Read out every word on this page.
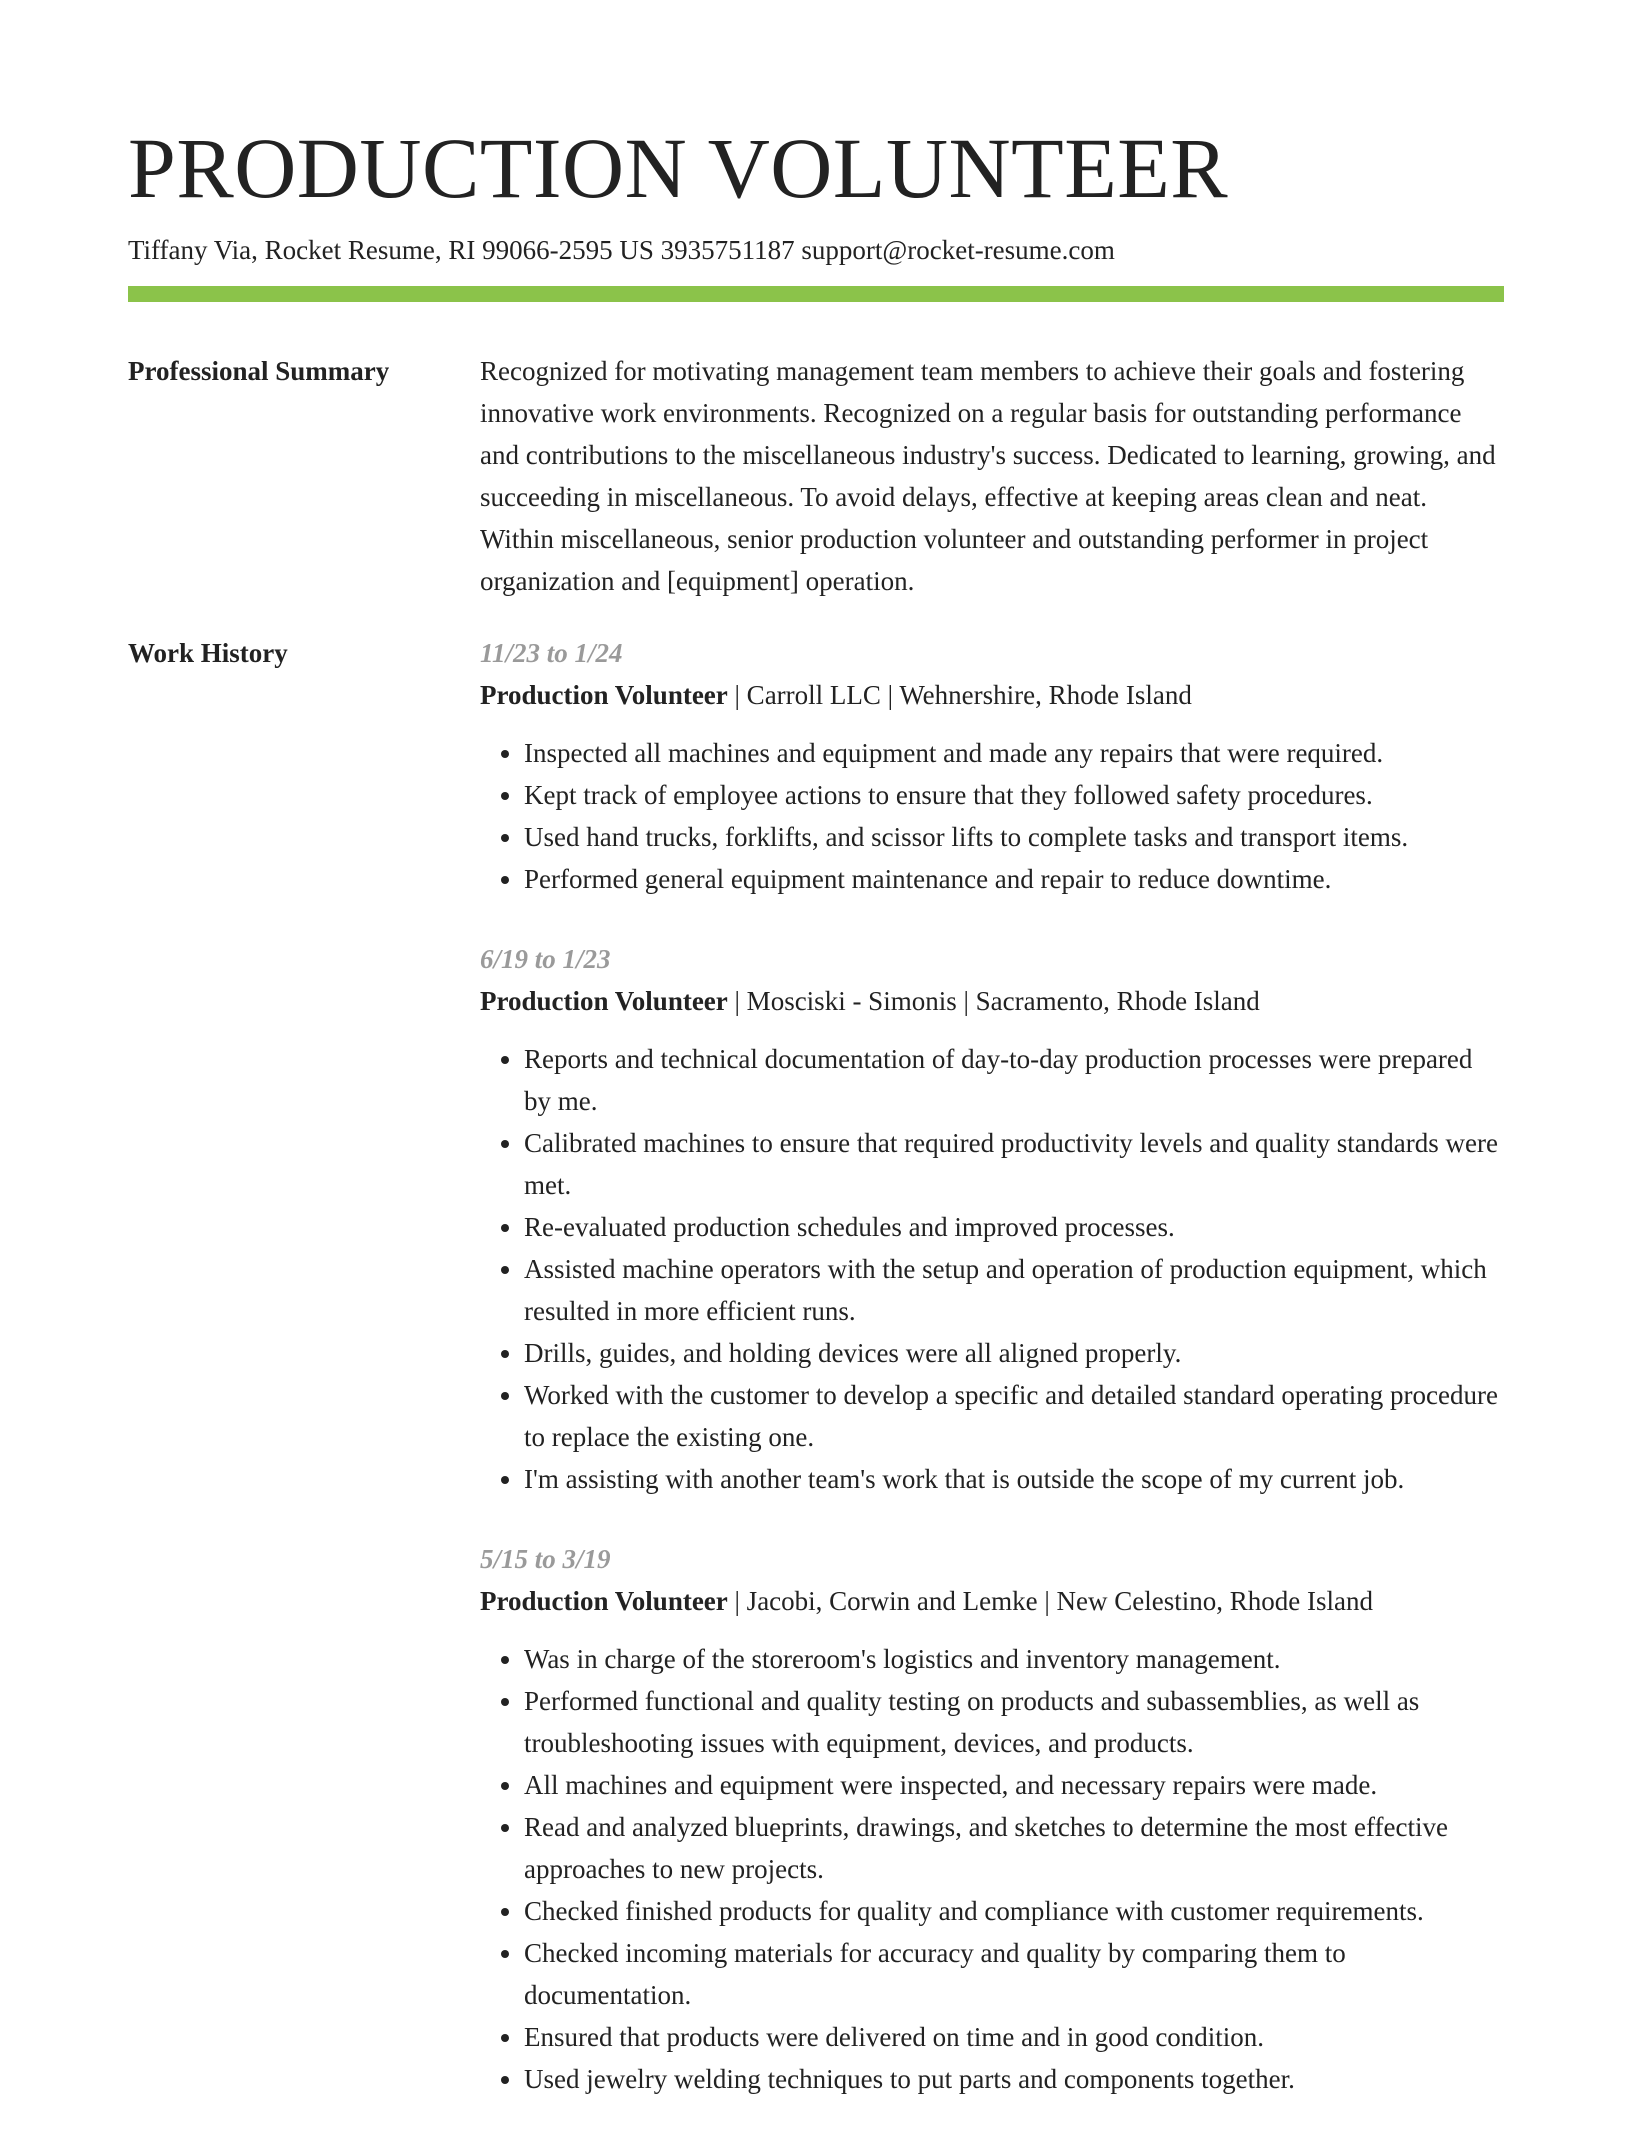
PRODUCTION VOLUNTEER
Tiffany Via, Rocket Resume, RI 99066-2595 US 3935751187 support@rocket-resume.com
Professional Summary	Recognized for motivating management team members to achieve their goals and fostering innovative work environments. Recognized on a regular basis for outstanding performance and contributions to the miscellaneous industry's success. Dedicated to learning, growing, and succeeding in miscellaneous. To avoid delays, effective at keeping areas clean and neat. Within miscellaneous, senior production volunteer and outstanding performer in project organization and [equipment] operation.

Work History	11/23 to 1/24
Production Volunteer | Carroll LLC | Wehnershire, Rhode Island
• Inspected all machines and equipment and made any repairs that were required.
• Kept track of employee actions to ensure that they followed safety procedures.
• Used hand trucks, forklifts, and scissor lifts to complete tasks and transport items.
• Performed general equipment maintenance and repair to reduce downtime.
6/19 to 1/23
Production Volunteer | Mosciski - Simonis | Sacramento, Rhode Island
• Reports and technical documentation of day-to-day production processes were prepared by me.
• Calibrated machines to ensure that required productivity levels and quality standards were met.
• Re-evaluated production schedules and improved processes.
• Assisted machine operators with the setup and operation of production equipment, which resulted in more efficient runs.
• Drills, guides, and holding devices were all aligned properly.
• Worked with the customer to develop a specific and detailed standard operating procedure to replace the existing one.
• I'm assisting with another team's work that is outside the scope of my current job.
5/15 to 3/19
Production Volunteer | Jacobi, Corwin and Lemke | New Celestino, Rhode Island
• Was in charge of the storeroom's logistics and inventory management.
• Performed functional and quality testing on products and subassemblies, as well as troubleshooting issues with equipment, devices, and products.
• All machines and equipment were inspected, and necessary repairs were made.
• Read and analyzed blueprints, drawings, and sketches to determine the most effective approaches to new projects.
• Checked finished products for quality and compliance with customer requirements.
• Checked incoming materials for accuracy and quality by comparing them to documentation.
• Ensured that products were delivered on time and in good condition.
• Used jewelry welding techniques to put parts and components together.
